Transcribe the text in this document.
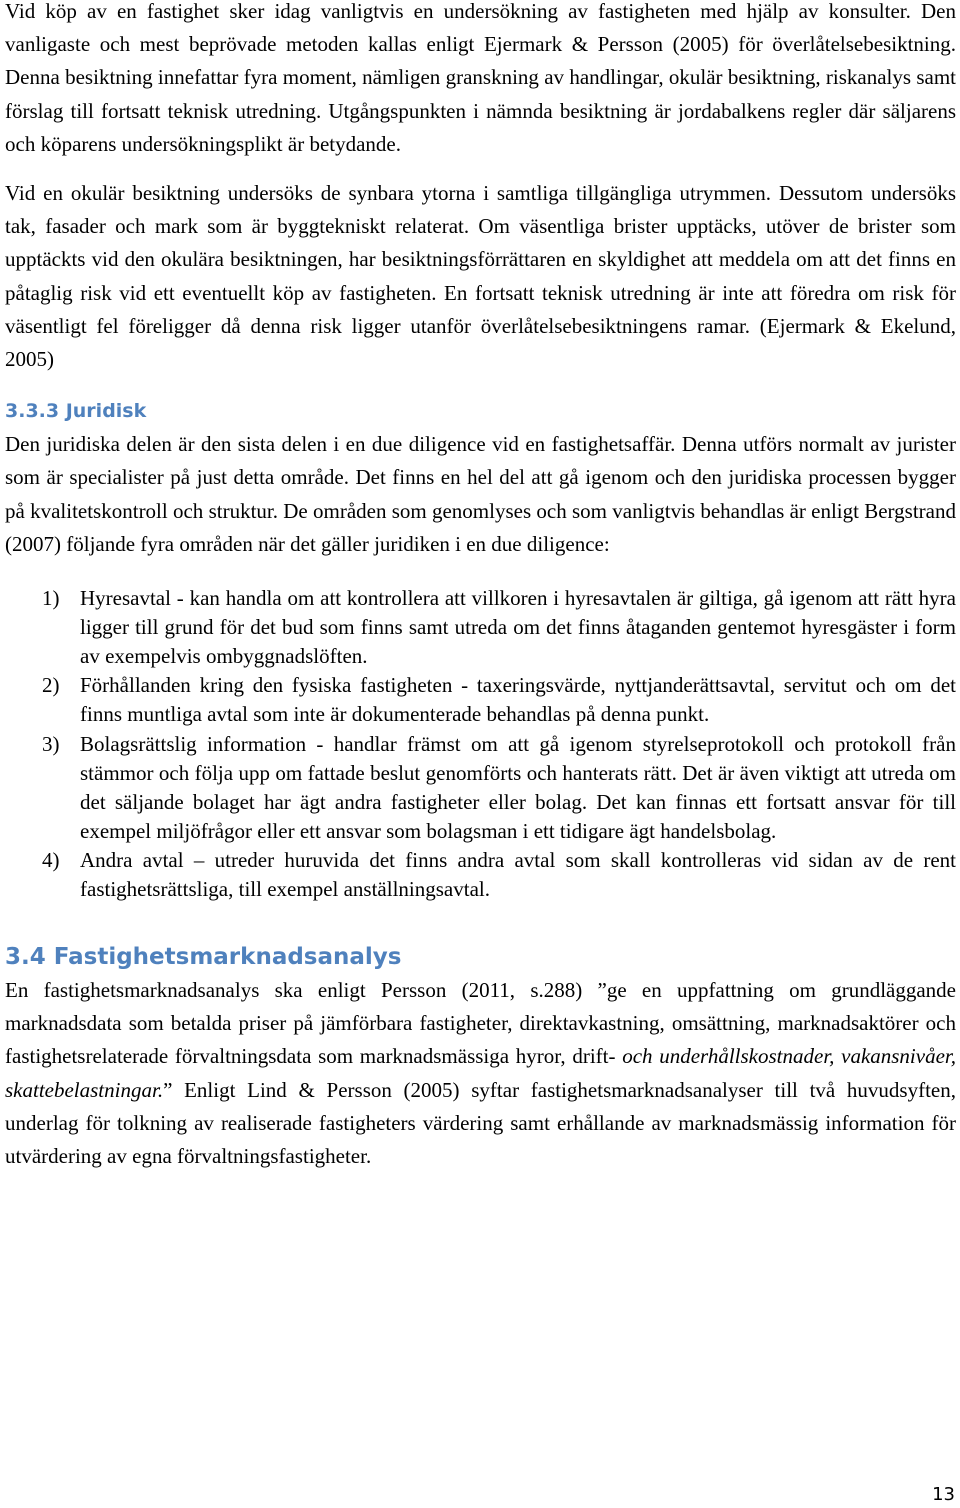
Vid köp av en fastighet sker idag vanligtvis en undersökning av fastigheten med hjälp av konsulter. Den vanligaste och mest beprövade metoden kallas enligt Ejermark & Persson (2005) för överlåtelsebesiktning. Denna besiktning innefattar fyra moment, nämligen granskning av handlingar, okulär besiktning, riskanalys samt förslag till fortsatt teknisk utredning. Utgångspunkten i nämnda besiktning är jordabalkens regler där säljarens och köparens undersökningsplikt är betydande.

Vid en okulär besiktning undersöks de synbara ytorna i samtliga tillgängliga utrymmen. Dessutom undersöks tak, fasader och mark som är byggtekniskt relaterat. Om väsentliga brister upptäcks, utöver de brister som upptäckts vid den okulära besiktningen, har besiktningsförrättaren en skyldighet att meddela om att det finns en påtaglig risk vid ett eventuellt köp av fastigheten. En fortsatt teknisk utredning är inte att föredra om risk för väsentligt fel föreligger då denna risk ligger utanför överlåtelsebesiktningens ramar. (Ejermark & Ekelund, 2005)

3.3.3 Juridisk

Den juridiska delen är den sista delen i en due diligence vid en fastighetsaffär. Denna utförs normalt av jurister som är specialister på just detta område. Det finns en hel del att gå igenom och den juridiska processen bygger på kvalitetskontroll och struktur. De områden som genomlyses och som vanligtvis behandlas är enligt Bergstrand (2007) följande fyra områden när det gäller juridiken i en due diligence:

1) Hyresavtal - kan handla om att kontrollera att villkoren i hyresavtalen är giltiga, gå igenom att rätt hyra ligger till grund för det bud som finns samt utreda om det finns åtaganden gentemot hyresgäster i form av exempelvis ombyggnadslöften.
2) Förhållanden kring den fysiska fastigheten - taxeringsvärde, nyttjanderättsavtal, servitut och om det finns muntliga avtal som inte är dokumenterade behandlas på denna punkt.
3) Bolagsrättslig information - handlar främst om att gå igenom styrelseprotokoll och protokoll från stämmor och följa upp om fattade beslut genomförts och hanterats rätt. Det är även viktigt att utreda om det säljande bolaget har ägt andra fastigheter eller bolag. Det kan finnas ett fortsatt ansvar för till exempel miljöfrågor eller ett ansvar som bolagsman i ett tidigare ägt handelsbolag.
4) Andra avtal – utreder huruvida det finns andra avtal som skall kontrolleras vid sidan av de rent fastighetsrättsliga, till exempel anställningsavtal.
3.4 Fastighetsmarknadsanalys

En fastighetsmarknadsanalys ska enligt Persson (2011, s.288) ”ge en uppfattning om grundläggande marknadsdata som betalda priser på jämförbara fastigheter, direktavkastning, omsättning, marknadsaktörer och fastighetsrelaterade förvaltningsdata som marknadsmässiga hyror, drift- och underhållskostnader, vakansnivåer, skattebelastningar.” Enligt Lind & Persson (2005) syftar fastighetsmarknadsanalyser till två huvudsyften, underlag för tolkning av realiserade fastigheters värdering samt erhållande av marknadsmässig information för utvärdering av egna förvaltningsfastigheter.

13
